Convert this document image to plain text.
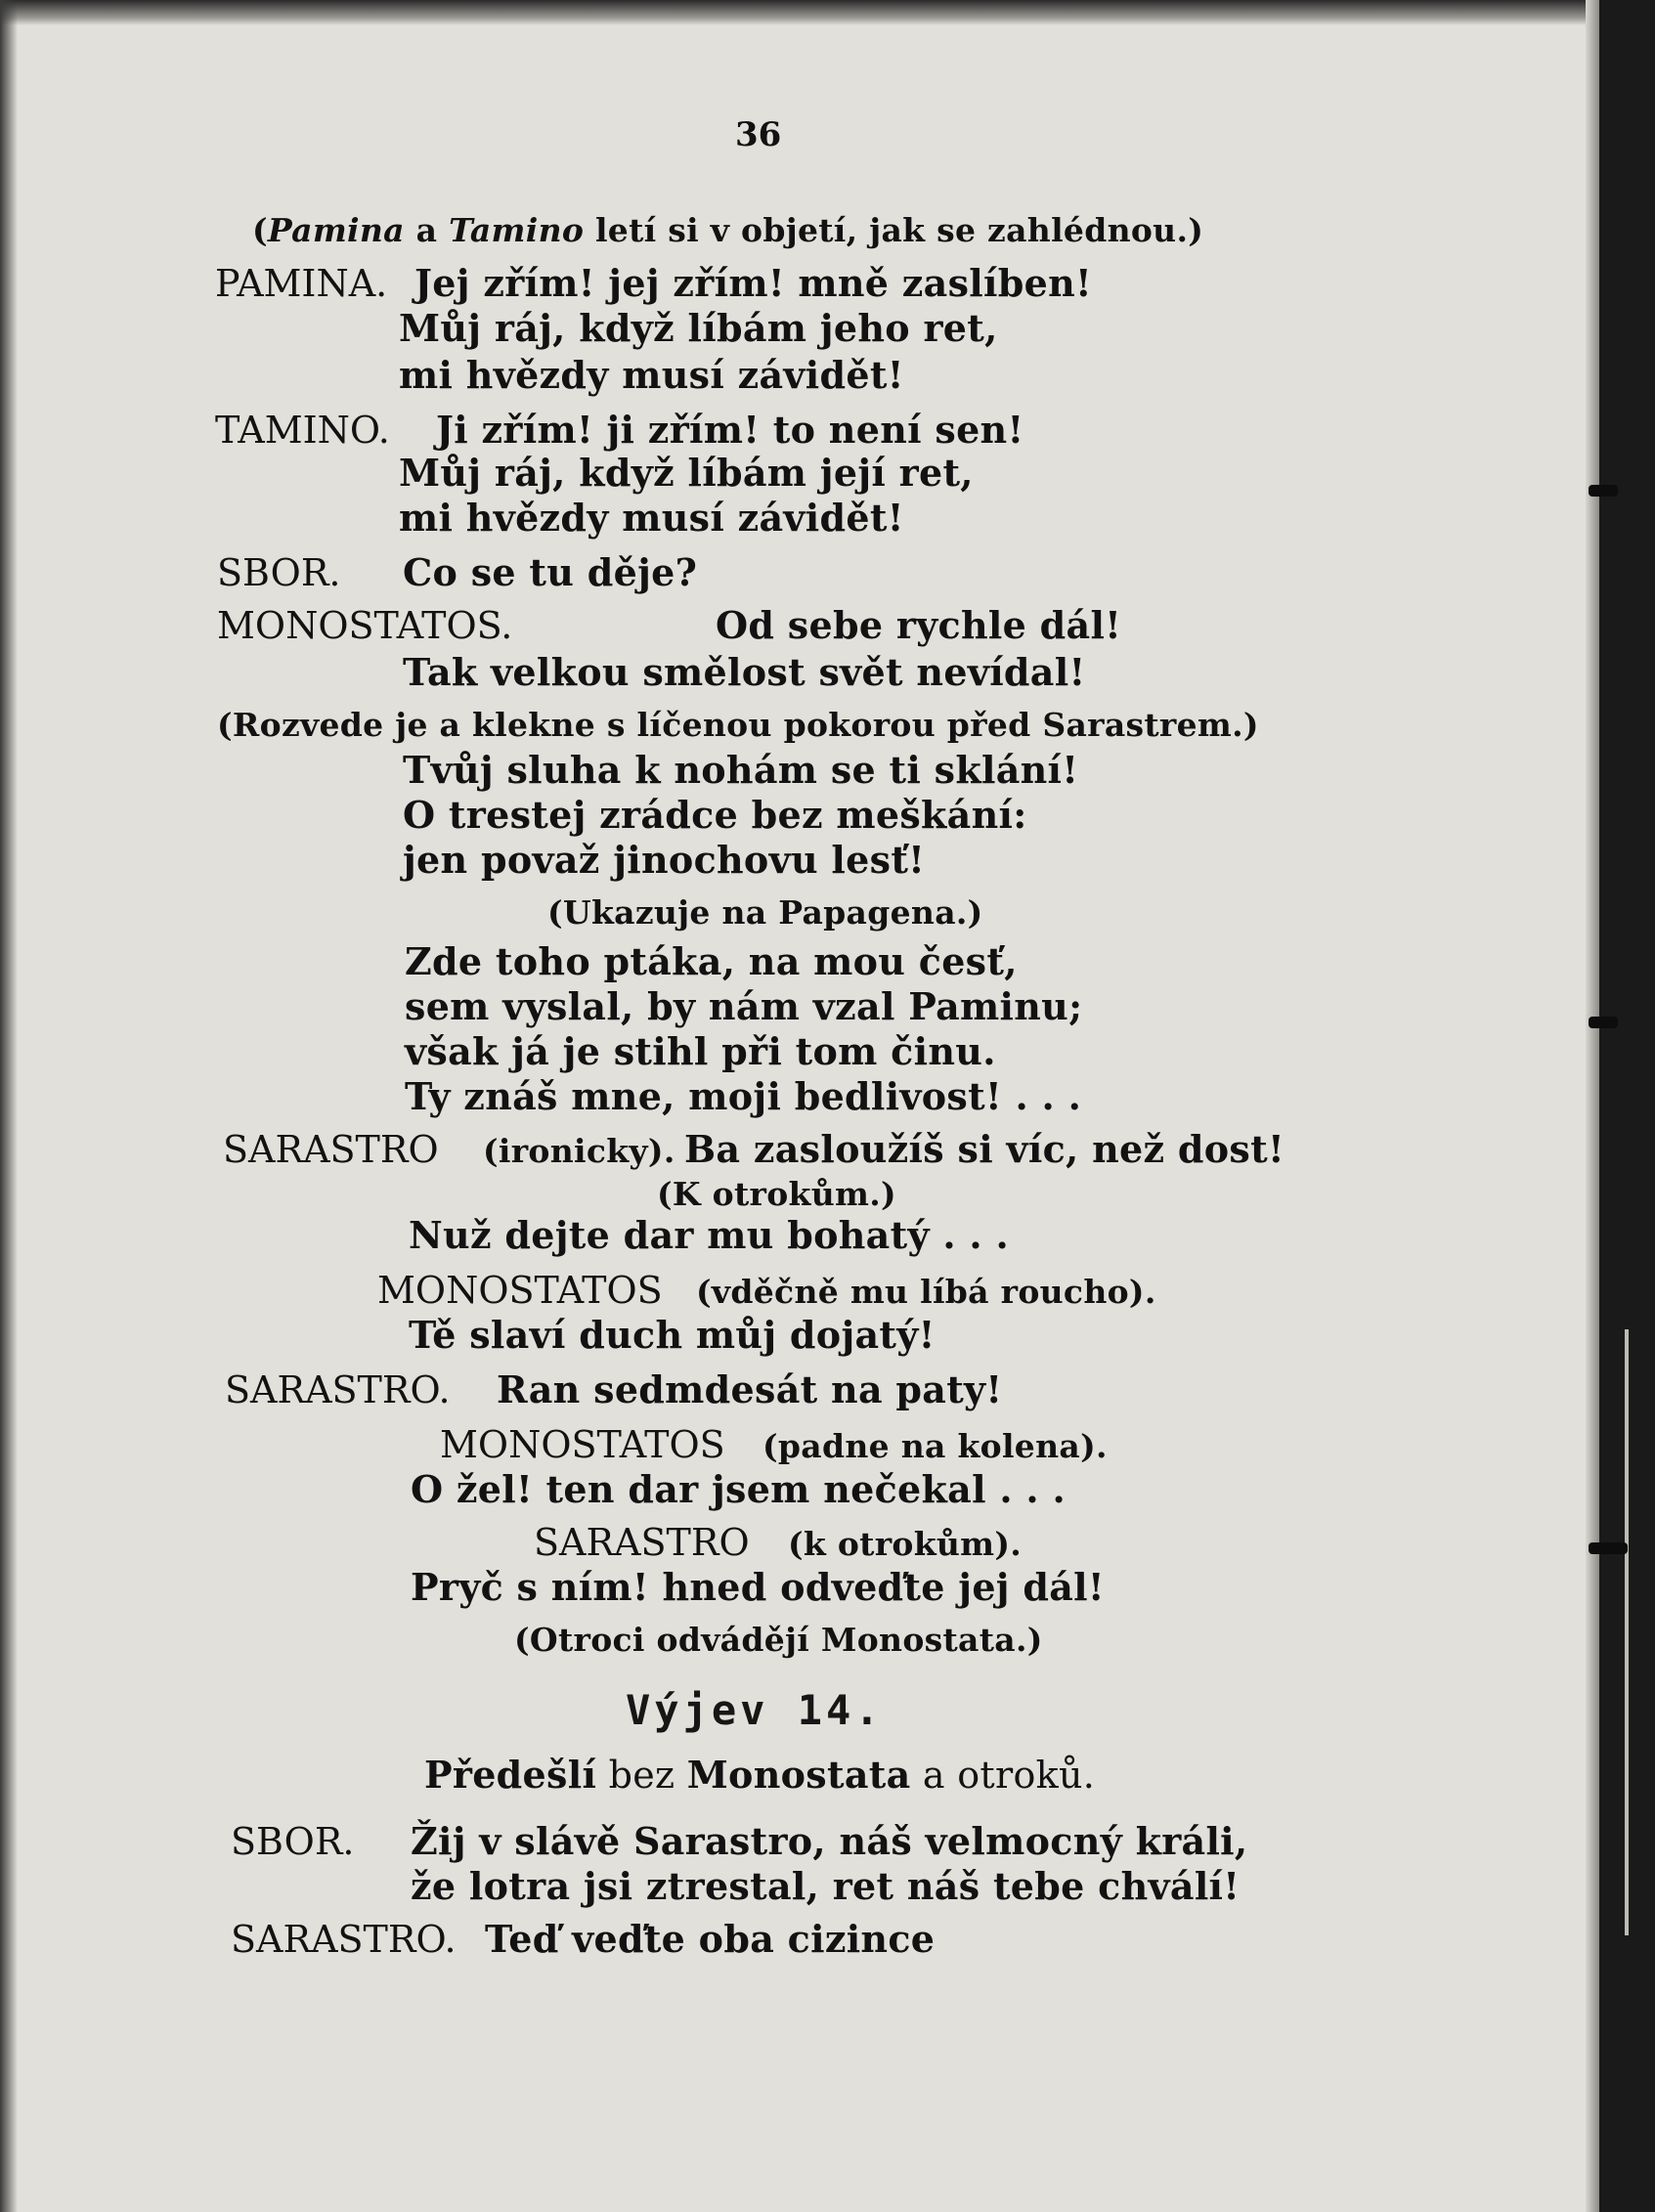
36
(Pamina a Tamino letí si v objetí, jak se zahlédnou.)
PAMINA. Jej zřím! jej zřím! mně zaslíben!
Můj ráj, když líbám jeho ret,
mi hvězdy musí závidět!
TAMINO. Ji zřím! ji zřím! to není sen!
Můj ráj, když líbám její ret,
mi hvězdy musí závidět!
SBOR. Co se tu děje?
MONOSTATOS.	Od sebe rychle dál!
Tak velkou smělost svět nevídal!
(Rozvede je a klekne s líčenou pokorou před Sarastrem.)
Tvůj sluha k nohám se ti sklání!
O trestej zrádce bez meškání:
jen považ jinochovu lesť!
(Ukazuje na Papagena.)
Zde toho ptáka, na mou česť,
sem vyslal, by nám vzal Paminu;
však já je stihl při tom činu.
Ty znáš mne, moji bedlivost! . . .
SARASTRO (ironicky). Ba zasloužíš si víc, než dost!
(K otrokům.)
Nuž dejte dar mu bohatý . . .
MONOSTATOS (vděčně mu líbá roucho).
Tě slaví duch můj dojatý!
SARASTRO. Ran sedmdesát na paty!
MONOSTATOS (padne na kolena).
O žel! ten dar jsem nečekal . . .
SARASTRO (k otrokům).
Pryč s ním! hned odveďte jej dál!
(Otroci odvádějí Monostata.)
Výjev 14.
Předešlí bez Monostata a otroků.
SBOR. Žij v slávě Sarastro, náš velmocný králi,
že lotra jsi ztrestal, ret náš tebe chválí!
SARASTRO. Teď veďte oba cizince
